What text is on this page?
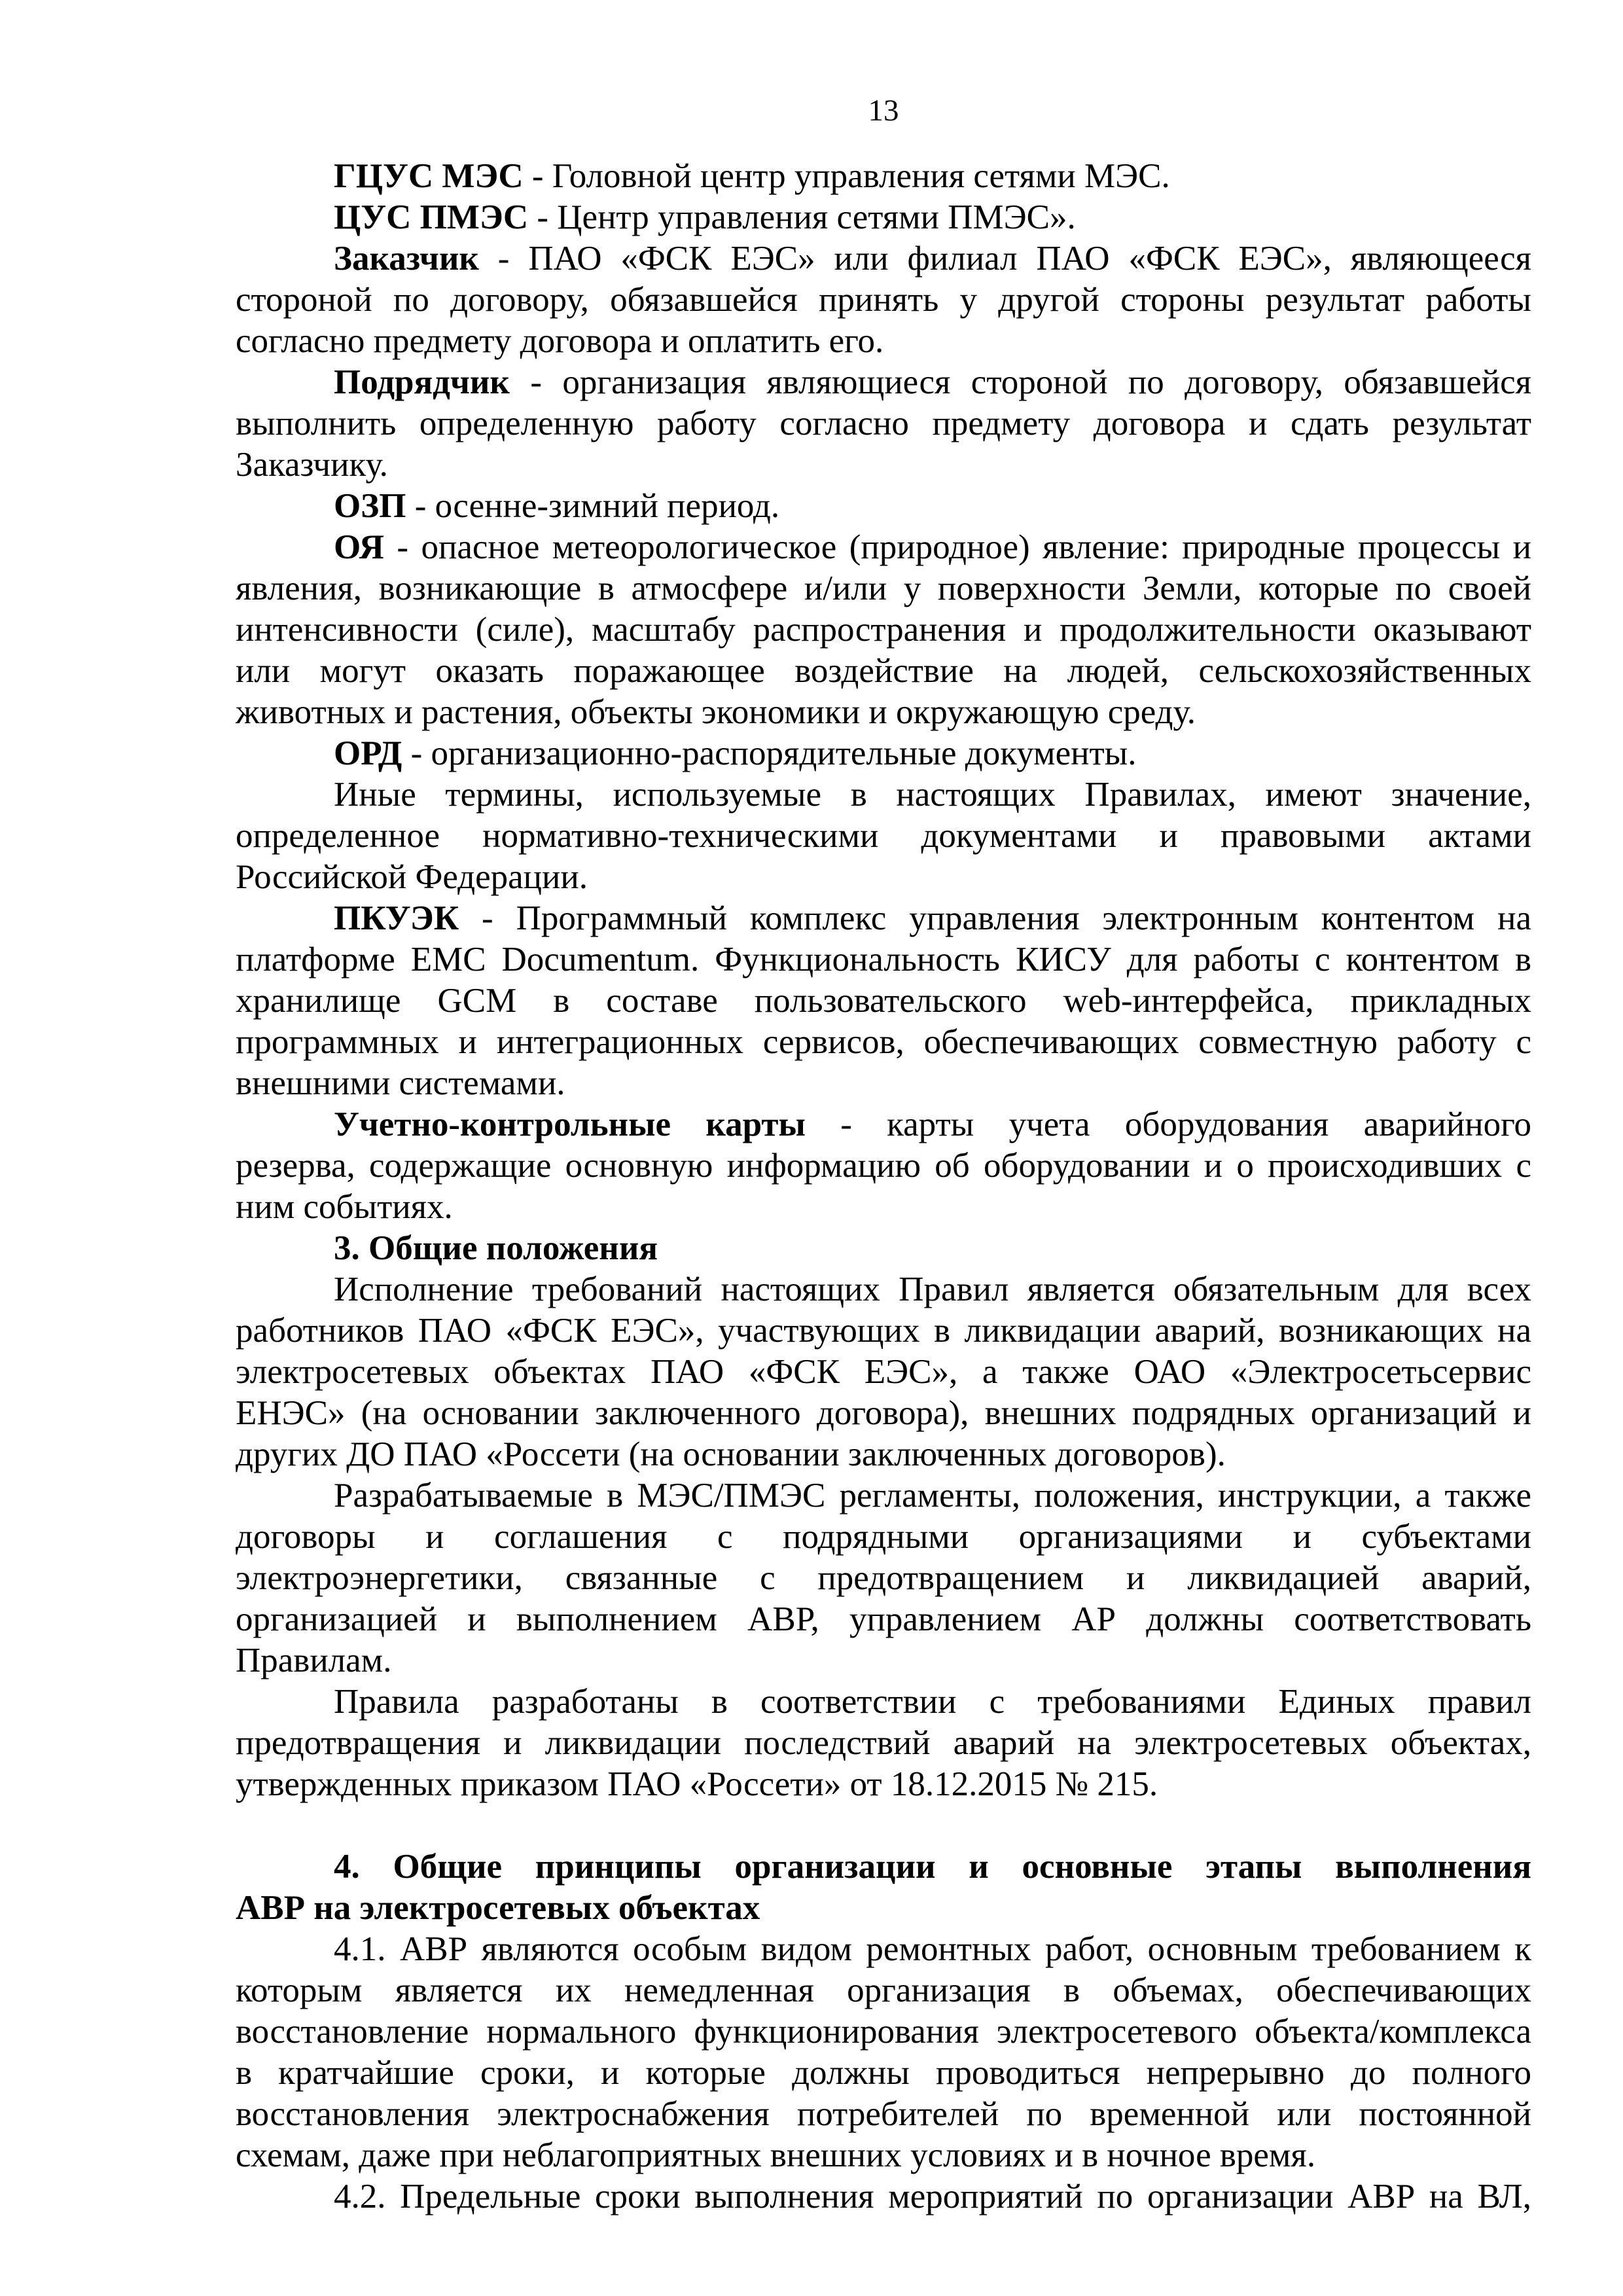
13
ГЦУС МЭС - Головной центр управления сетями МЭС.
ЦУС ПМЭС - Центр управления сетями ПМЭС».
Заказчик - ПАО «ФСК ЕЭС» или филиал ПАО «ФСК ЕЭС», являющееся
стороной по договору, обязавшейся принять у другой стороны результат работы
согласно предмету договора и оплатить его.
Подрядчик - организация являющиеся стороной по договору, обязавшейся
выполнить определенную работу согласно предмету договора и сдать результат
Заказчику.
ОЗП - осенне-зимний период.
ОЯ - опасное метеорологическое (природное) явление: природные процессы и
явления, возникающие в атмосфере и/или у поверхности Земли, которые по своей
интенсивности (силе), масштабу распространения и продолжительности оказывают
или могут оказать поражающее воздействие на людей, сельскохозяйственных
животных и растения, объекты экономики и окружающую среду.
ОРД - организационно-распорядительные документы.
Иные термины, используемые в настоящих Правилах, имеют значение,
определенное нормативно-техническими документами и правовыми актами
Российской Федерации.
ПКУЭК - Программный комплекс управления электронным контентом на
платформе EMC Documentum. Функциональность КИСУ для работы с контентом в
хранилище GCM в составе пользовательского web-интерфейса, прикладных
программных и интеграционных сервисов, обеспечивающих совместную работу с
внешними системами.
Учетно-контрольные карты - карты учета оборудования аварийного
резерва, содержащие основную информацию об оборудовании и о происходивших с
ним событиях.
3. Общие положения
Исполнение требований настоящих Правил является обязательным для всех
работников ПАО «ФСК ЕЭС», участвующих в ликвидации аварий, возникающих на
электросетевых объектах ПАО «ФСК ЕЭС», а также ОАО «Электросетьсервис
ЕНЭС» (на основании заключенного договора), внешних подрядных организаций и
других ДО ПАО «Россети (на основании заключенных договоров).
Разрабатываемые в МЭС/ПМЭС регламенты, положения, инструкции, а также
договоры и соглашения с подрядными организациями и субъектами
электроэнергетики, связанные с предотвращением и ликвидацией аварий,
организацией и выполнением АВР, управлением АР должны соответствовать
Правилам.
Правила разработаны в соответствии с требованиями Единых правил
предотвращения и ликвидации последствий аварий на электросетевых объектах,
утвержденных приказом ПАО «Россети» от 18.12.2015 № 215.
4. Общие принципы организации и основные этапы выполнения
АВР на электросетевых объектах
4.1. АВР являются особым видом ремонтных работ, основным требованием к
которым является их немедленная организация в объемах, обеспечивающих
восстановление нормального функционирования электросетевого объекта/комплекса
в кратчайшие сроки, и которые должны проводиться непрерывно до полного
восстановления электроснабжения потребителей по временной или постоянной
схемам, даже при неблагоприятных внешних условиях и в ночное время.
4.2. Предельные сроки выполнения мероприятий по организации АВР на ВЛ,
